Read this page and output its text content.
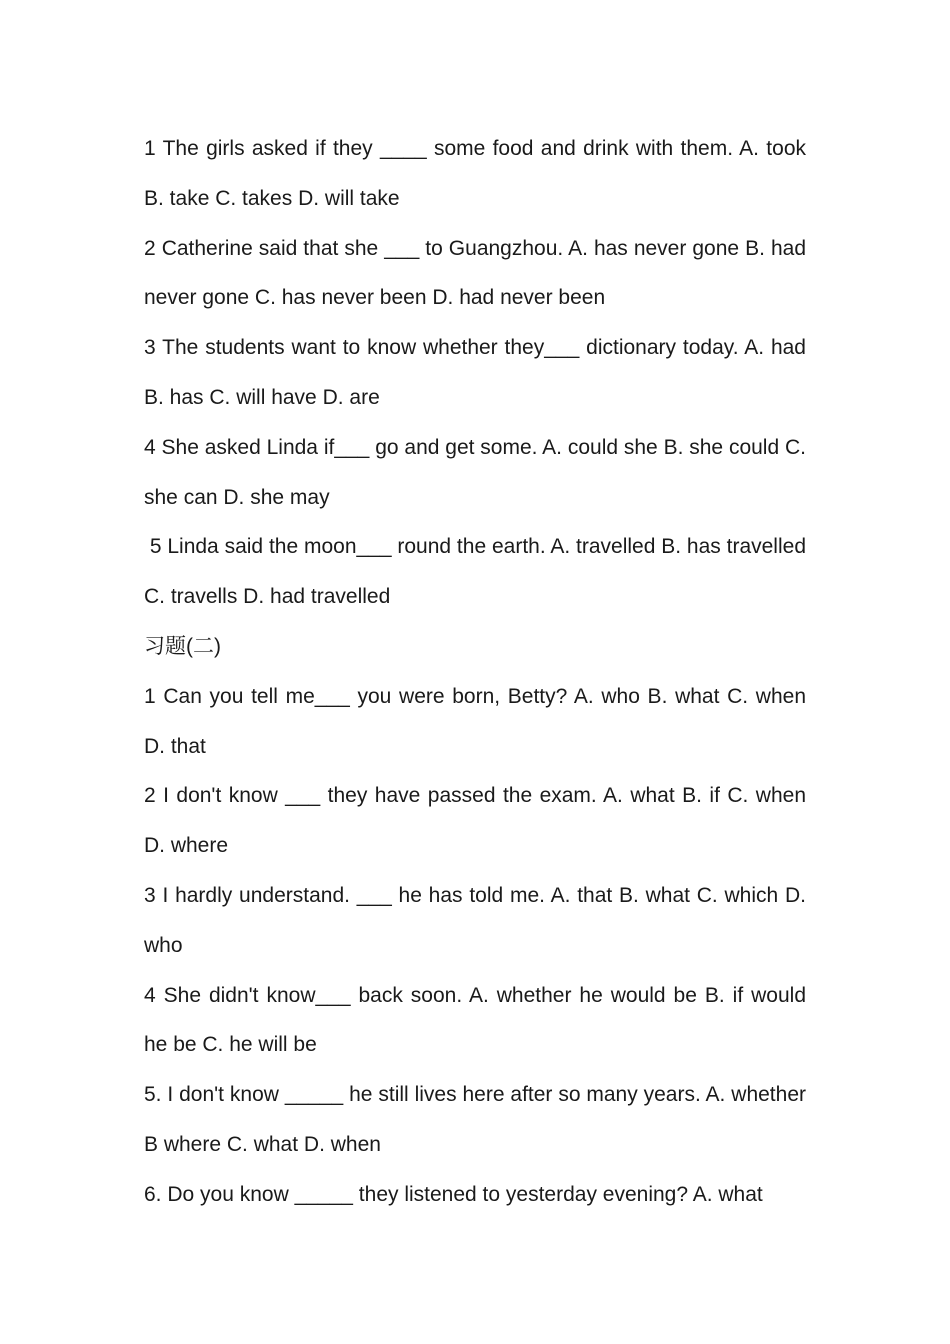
1 The girls asked if they ____ some food and drink with them. A. took B. take C. takes D. will take

2 Catherine said that she ___ to Guangzhou. A. has never gone B. had never gone C. has never been D. had never been

3 The students want to know whether they___ dictionary today. A. had B. has C. will have D. are

4 She asked Linda if___ go and get some. A. could she B. she could C. she can D. she may

5 Linda said the moon___ round the earth. A. travelled B. has travelled C. travells D. had travelled

习题(二)

1 Can you tell me___ you were born, Betty? A. who B. what C. when D. that

2 I don't know ___ they have passed the exam. A. what B. if C. when D. where

3 I hardly understand. ___ he has told me. A. that B. what C. which D. who

4 She didn't know___ back soon. A. whether he would be B. if would he be C. he will be

5. I don't know _____ he still lives here after so many years. A. whether B where C. what D. when

6. Do you know _____ they listened to yesterday evening? A. what
